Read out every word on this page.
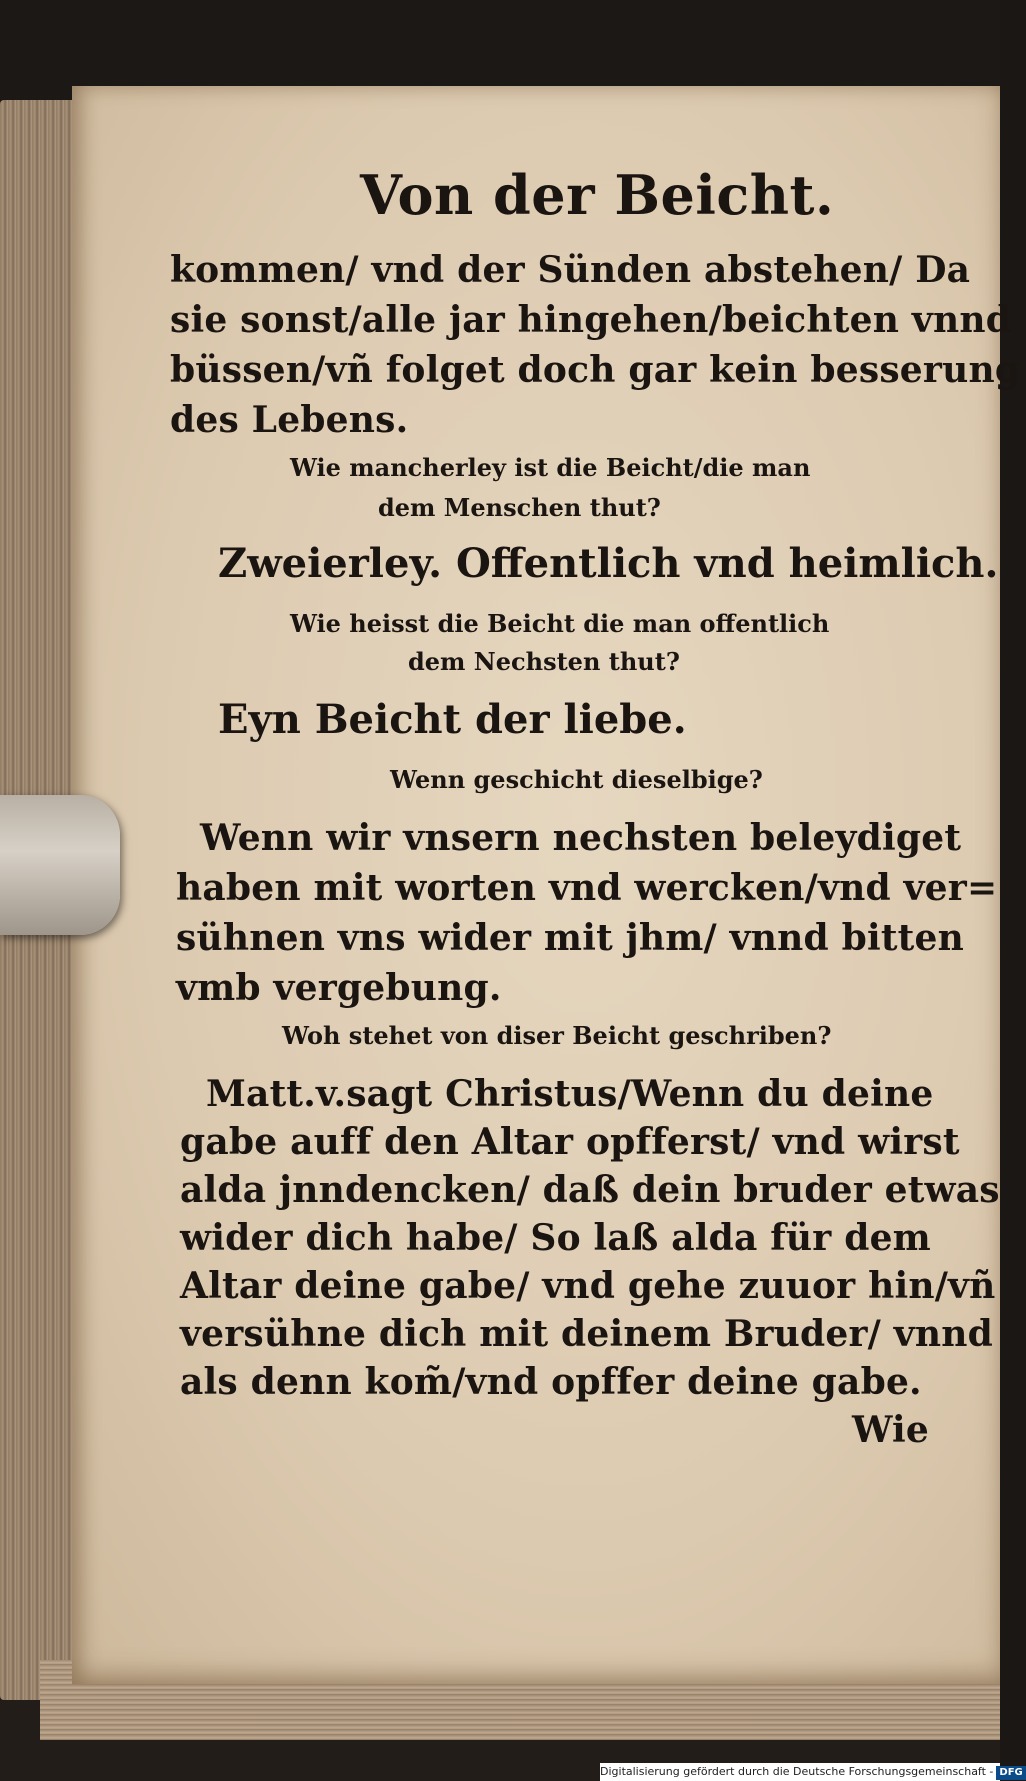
Von der Beicht.
kommen/ vnd der Sünden abstehen/ Da
sie sonst/alle jar hingehen/beichten vnnd
büssen/vñ folget doch gar kein besserung
des Lebens.
Wie mancherley ist die Beicht/die man
dem Menschen thut?
Zweierley. Offentlich vnd heimlich.
Wie heisst die Beicht die man offentlich
dem Nechsten thut?
Eyn Beicht der liebe.
Wenn geschicht dieselbige?
Wenn wir vnsern nechsten beleydiget
haben mit worten vnd wercken/vnd ver=
sühnen vns wider mit jhm/ vnnd bitten
vmb vergebung.
Woh stehet von diser Beicht geschriben?
Matt.v.sagt Christus/Wenn du deine
gabe auff den Altar opfferst/ vnd wirst
alda jnndencken/ daß dein bruder etwas
wider dich habe/ So laß alda für dem
Altar deine gabe/ vnd gehe zuuor hin/vñ
versühne dich mit deinem Bruder/ vnnd
als denn kom̃/vnd opffer deine gabe.
Wie
Digitalisierung gefördert durch die Deutsche Forschungsgemeinschaft - DFG
